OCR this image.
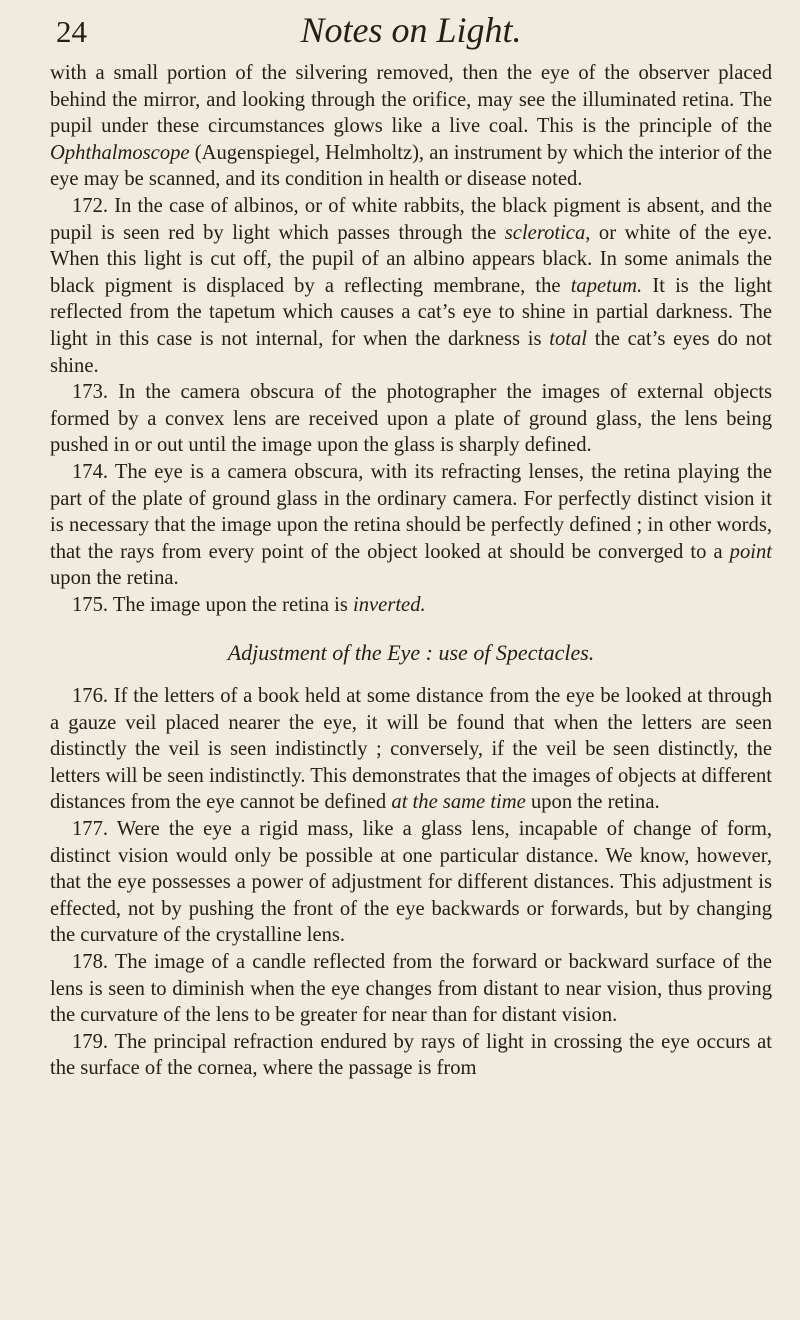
24	Notes on Light.

with a small portion of the silvering removed, then the eye of the observer placed behind the mirror, and looking through the orifice, may see the illuminated retina. The pupil under these circumstances glows like a live coal. This is the principle of the Ophthalmoscope (Augenspiegel, Helmholtz), an instrument by which the interior of the eye may be scanned, and its condition in health or disease noted.

172. In the case of albinos, or of white rabbits, the black pigment is absent, and the pupil is seen red by light which passes through the sclerotica, or white of the eye. When this light is cut off, the pupil of an albino appears black. In some animals the black pigment is displaced by a reflecting membrane, the tapetum. It is the light reflected from the tapetum which causes a cat’s eye to shine in partial darkness. The light in this case is not internal, for when the darkness is total the cat’s eyes do not shine.

173. In the camera obscura of the photographer the images of external objects formed by a convex lens are received upon a plate of ground glass, the lens being pushed in or out until the image upon the glass is sharply defined.

174. The eye is a camera obscura, with its refracting lenses, the retina playing the part of the plate of ground glass in the ordinary camera. For perfectly distinct vision it is necessary that the image upon the retina should be perfectly defined ; in other words, that the rays from every point of the object looked at should be converged to a point upon the retina.

175. The image upon the retina is inverted.

Adjustment of the Eye : use of Spectacles.

176. If the letters of a book held at some distance from the eye be looked at through a gauze veil placed nearer the eye, it will be found that when the letters are seen distinctly the veil is seen indistinctly ; conversely, if the veil be seen distinctly, the letters will be seen indistinctly. This demonstrates that the images of objects at different distances from the eye cannot be defined at the same time upon the retina.

177. Were the eye a rigid mass, like a glass lens, incapable of change of form, distinct vision would only be possible at one particular distance. We know, however, that the eye possesses a power of adjustment for different distances. This adjustment is effected, not by pushing the front of the eye backwards or forwards, but by changing the curvature of the crystalline lens.

178. The image of a candle reflected from the forward or backward surface of the lens is seen to diminish when the eye changes from distant to near vision, thus proving the curvature of the lens to be greater for near than for distant vision.

179. The principal refraction endured by rays of light in crossing the eye occurs at the surface of the cornea, where the passage is from
